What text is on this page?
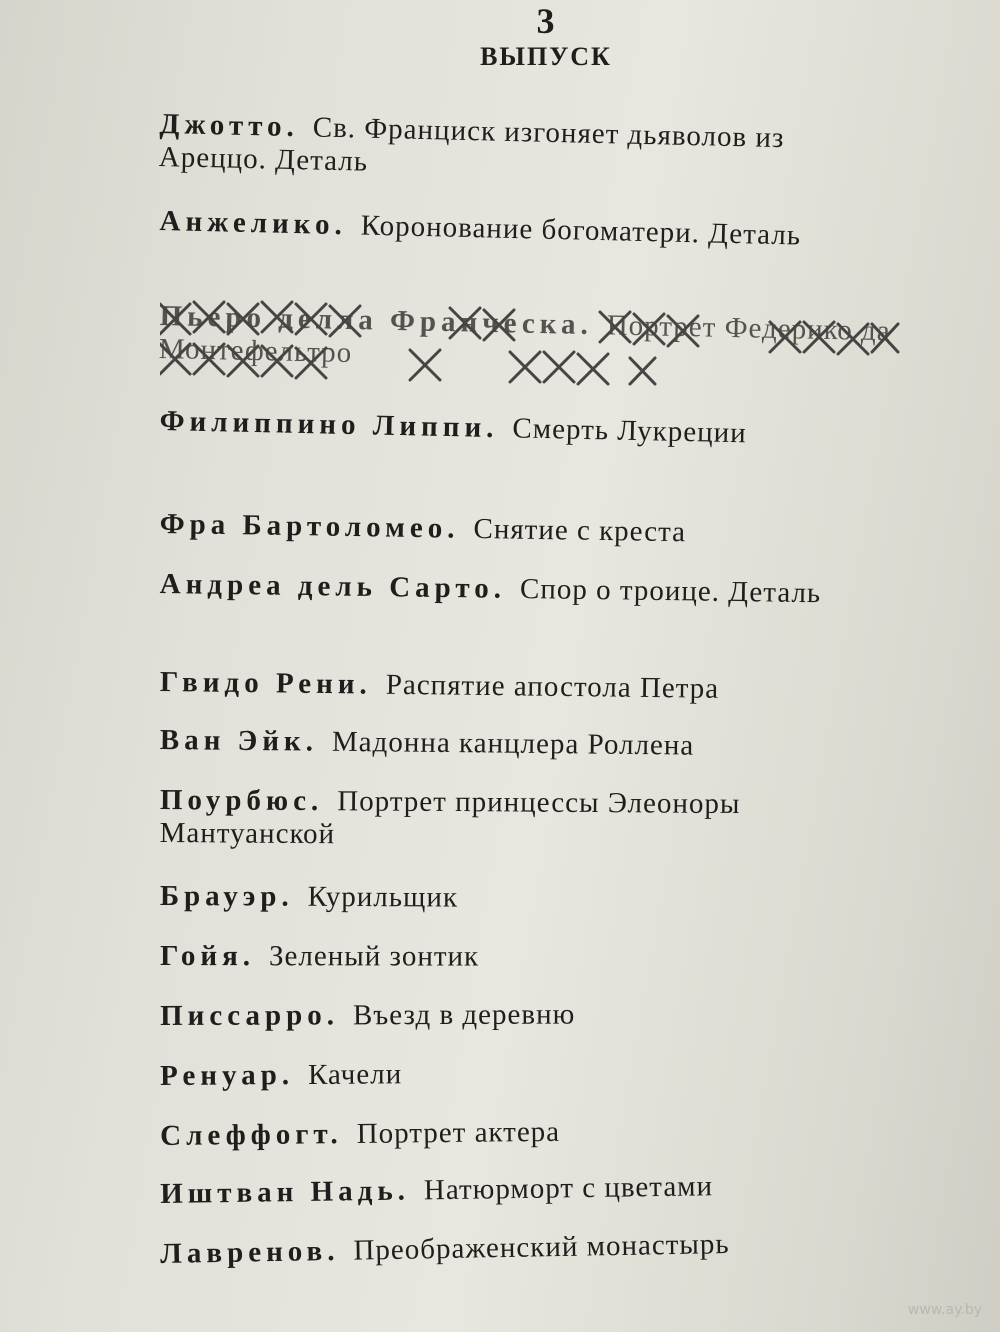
3
ВЫПУСК
Джотто. Св. Франциск изгоняет дьяволов из Ареццо. Деталь
Анжелико. Коронование богоматери. Деталь
Пьеро делла Франческа. Портрет Федерико да Монтефельтро
Филиппино Липпи. Смерть Лукреции
Фра Бартоломео. Снятие с креста
Андреа дель Сарто. Спор о троице. Деталь
Гвидо Рени. Распятие апостола Петра
Ван Эйк. Мадонна канцлера Роллена
Поурбюс. Портрет принцессы Элеоноры Мантуанской
Брауэр. Курильщик
Гойя. Зеленый зонтик
Писсарро. Въезд в деревню
Ренуар. Качели
Слеффогт. Портрет актера
Иштван Надь. Натюрморт с цветами
Лавренов. Преображенский монастырь
www.ay.by
